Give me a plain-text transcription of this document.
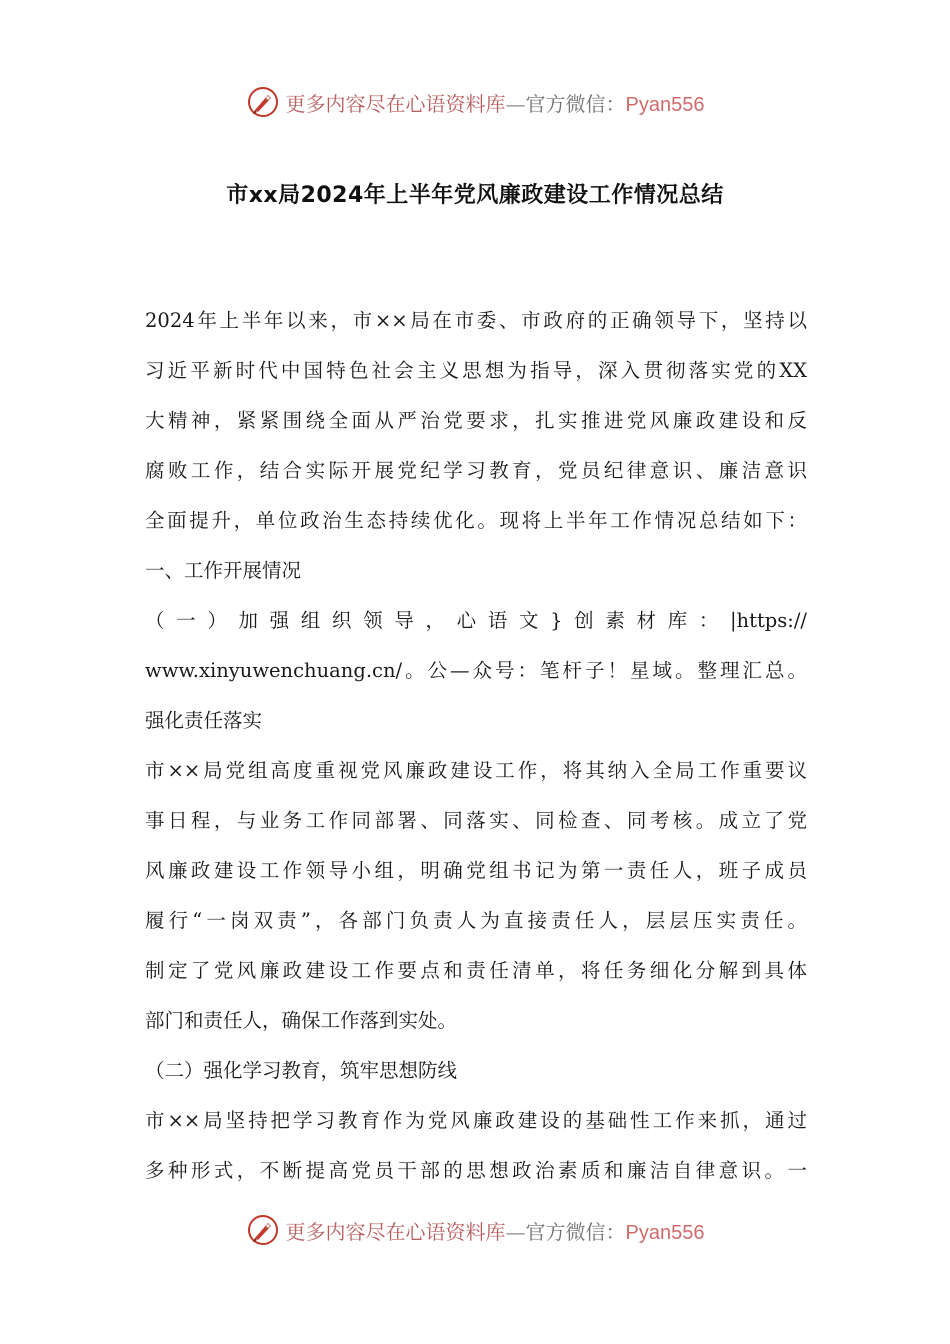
更多内容尽在心语资料库—官方微信：Pyan556
市xx局2024年上半年党风廉政建设工作情况总结
2024年上半年以来，市××局在市委、市政府的正确领导下，坚持以
习近平新时代中国特色社会主义思想为指导，深入贯彻落实党的XX
大精神，紧紧围绕全面从严治党要求，扎实推进党风廉政建设和反
腐败工作，结合实际开展党纪学习教育，党员纪律意识、廉洁意识
全面提升，单位政治生态持续优化。现将上半年工作情况总结如下：
一、工作开展情况
（一）加强组织领导，心语文}创素材库：|https://
www.xinyuwenchuang.cn/。公—众号：笔杆子！星域。整理汇总。
强化责任落实
市××局党组高度重视党风廉政建设工作，将其纳入全局工作重要议
事日程，与业务工作同部署、同落实、同检查、同考核。成立了党
风廉政建设工作领导小组，明确党组书记为第一责任人，班子成员
履行“一岗双责”，各部门负责人为直接责任人，层层压实责任。
制定了党风廉政建设工作要点和责任清单，将任务细化分解到具体
部门和责任人，确保工作落到实处。
（二）强化学习教育，筑牢思想防线
市××局坚持把学习教育作为党风廉政建设的基础性工作来抓，通过
多种形式，不断提高党员干部的思想政治素质和廉洁自律意识。一
更多内容尽在心语资料库—官方微信：Pyan556
